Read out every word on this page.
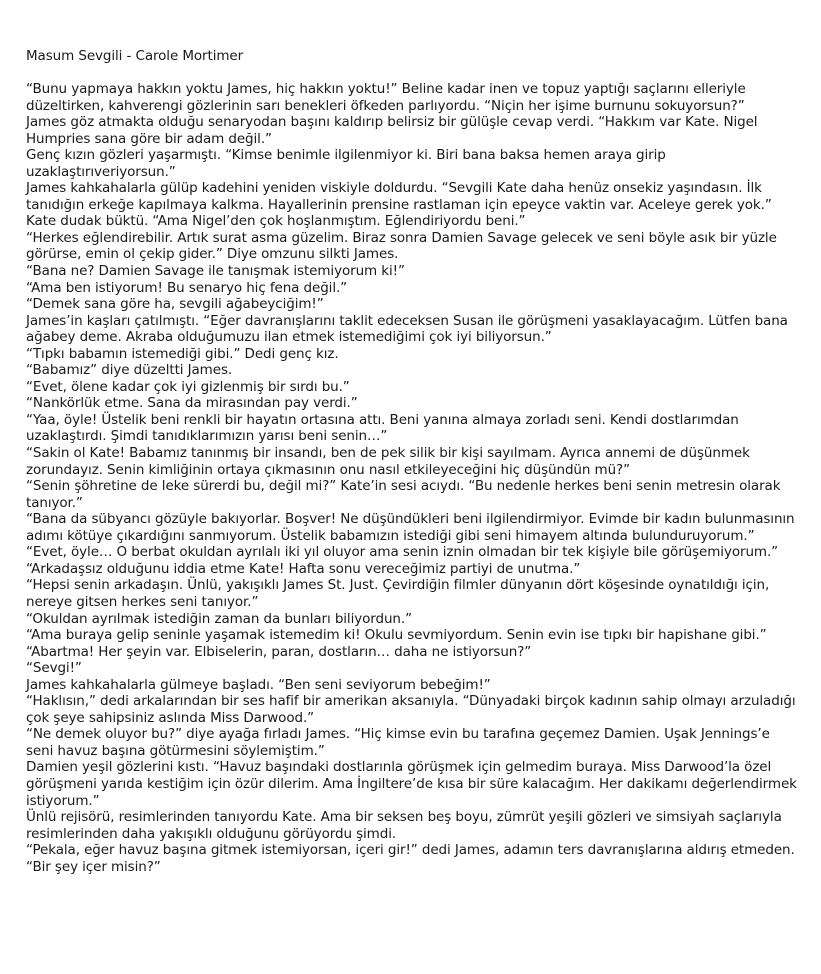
Masum Sevgili - Carole Mortimer

“Bunu yapmaya hakkın yoktu James, hiç hakkın yoktu!” Beline kadar inen ve topuz yaptığı saçlarını elleriyle düzeltirken, kahverengi gözlerinin sarı benekleri öfkeden parlıyordu. “Niçin her işime burnunu sokuyorsun?”

James göz atmakta olduğu senaryodan başını kaldırıp belirsiz bir gülüşle cevap verdi. “Hakkım var Kate. Nigel Humpries sana göre bir adam değil.”

Genç kızın gözleri yaşarmıştı. “Kimse benimle ilgilenmiyor ki. Biri bana baksa hemen araya girip uzaklaştırıveriyorsun.”

James kahkahalarla gülüp kadehini yeniden viskiyle doldurdu. “Sevgili Kate daha henüz onsekiz yaşındasın. İlk tanıdığın erkeğe kapılmaya kalkma. Hayallerinin prensine rastlaman için epeyce vaktin var. Aceleye gerek yok.”

Kate dudak büktü. “Ama Nigel’den çok hoşlanmıştım. Eğlendiriyordu beni.”

“Herkes eğlendirebilir. Artık surat asma güzelim. Biraz sonra Damien Savage gelecek ve seni böyle asık bir yüzle görürse, emin ol çekip gider.” Diye omzunu silkti James.

“Bana ne? Damien Savage ile tanışmak istemiyorum ki!”

“Ama ben istiyorum! Bu senaryo hiç fena değil.”

“Demek sana göre ha, sevgili ağabeyciğim!”

James’in kaşları çatılmıştı. “Eğer davranışlarını taklit edeceksen Susan ile görüşmeni yasaklayacağım. Lütfen bana ağabey deme. Akraba olduğumuzu ilan etmek istemediğimi çok iyi biliyorsun.”

“Tıpkı babamın istemediği gibi.” Dedi genç kız.

“Babamız” diye düzeltti James.

“Evet, ölene kadar çok iyi gizlenmiş bir sırdı bu.”

“Nankörlük etme. Sana da mirasından pay verdi.”

“Yaa, öyle! Üstelik beni renkli bir hayatın ortasına attı. Beni yanına almaya zorladı seni. Kendi dostlarımdan uzaklaştırdı. Şimdi tanıdıklarımızın yarısı beni senin…”

“Sakin ol Kate! Babamız tanınmış bir insandı, ben de pek silik bir kişi sayılmam. Ayrıca annemi de düşünmek zorundayız. Senin kimliğinin ortaya çıkmasının onu nasıl etkileyeceğini hiç düşündün mü?”

“Senin şöhretine de leke sürerdi bu, değil mi?” Kate’in sesi acıydı. “Bu nedenle herkes beni senin metresin olarak tanıyor.”

“Bana da sübyancı gözüyle bakıyorlar. Boşver! Ne düşündükleri beni ilgilendirmiyor. Evimde bir kadın bulunmasının adımı kötüye çıkardığını sanmıyorum. Üstelik babamızın istediği gibi seni himayem altında bulunduruyorum.”

“Evet, öyle… O berbat okuldan ayrılalı iki yıl oluyor ama senin iznin olmadan bir tek kişiyle bile görüşemiyorum.”

“Arkadaşsız olduğunu iddia etme Kate! Hafta sonu vereceğimiz partiyi de unutma.”

“Hepsi senin arkadaşın. Ünlü, yakışıklı James St. Just. Çevirdiğin filmler dünyanın dört köşesinde oynatıldığı için, nereye gitsen herkes seni tanıyor.”

“Okuldan ayrılmak istediğin zaman da bunları biliyordun.”

“Ama buraya gelip seninle yaşamak istemedim ki! Okulu sevmiyordum. Senin evin ise tıpkı bir hapishane gibi.”

“Abartma! Her şeyin var. Elbiselerin, paran, dostların… daha ne istiyorsun?”

“Sevgi!”

James kahkahalarla gülmeye başladı. “Ben seni seviyorum bebeğim!”

“Haklısın,” dedi arkalarından bir ses hafif bir amerikan aksanıyla. “Dünyadaki birçok kadının sahip olmayı arzuladığı çok şeye sahipsiniz aslında Miss Darwood.”

“Ne demek oluyor bu?” diye ayağa fırladı James. “Hiç kimse evin bu tarafına geçemez Damien. Uşak Jennings’e seni havuz başına götürmesini söylemiştim.”

Damien yeşil gözlerini kıstı. “Havuz başındaki dostlarınla görüşmek için gelmedim buraya. Miss Darwood’la özel görüşmeni yarıda kestiğim için özür dilerim. Ama İngiltere’de kısa bir süre kalacağım. Her dakikamı değerlendirmek istiyorum.”

Ünlü rejisörü, resimlerinden tanıyordu Kate. Ama bir seksen beş boyu, zümrüt yeşili gözleri ve simsiyah saçlarıyla resimlerinden daha yakışıklı olduğunu görüyordu şimdi.

“Pekala, eğer havuz başına gitmek istemiyorsan, içeri gir!” dedi James, adamın ters davranışlarına aldırış etmeden. “Bir şey içer misin?”
